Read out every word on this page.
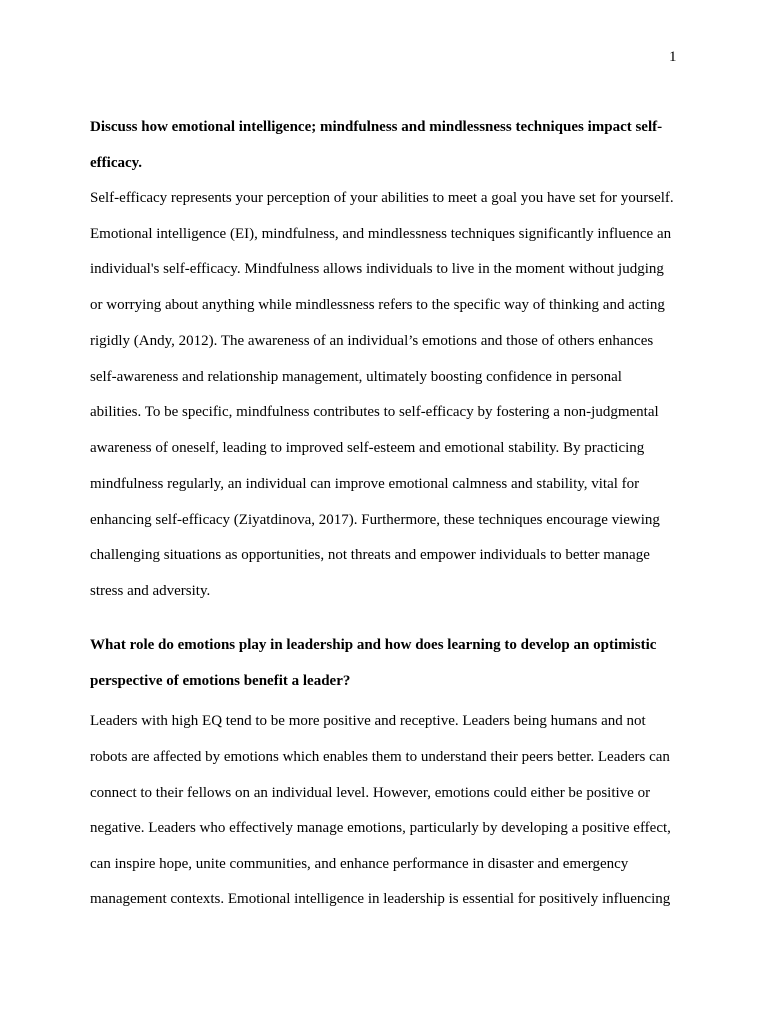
1
Discuss how emotional intelligence; mindfulness and mindlessness techniques impact self-
efficacy.
Self-efficacy represents your perception of your abilities to meet a goal you have set for yourself.
Emotional intelligence (EI), mindfulness, and mindlessness techniques significantly influence an
individual's self-efficacy. Mindfulness allows individuals to live in the moment without judging
or worrying about anything while mindlessness refers to the specific way of thinking and acting
rigidly (Andy, 2012). The awareness of an individual’s emotions and those of others enhances
self-awareness and relationship management, ultimately boosting confidence in personal
abilities. To be specific, mindfulness contributes to self-efficacy by fostering a non-judgmental
awareness of oneself, leading to improved self-esteem and emotional stability. By practicing
mindfulness regularly, an individual can improve emotional calmness and stability, vital for
enhancing self-efficacy (Ziyatdinova, 2017). Furthermore, these techniques encourage viewing
challenging situations as opportunities, not threats and empower individuals to better manage
stress and adversity.
What role do emotions play in leadership and how does learning to develop an optimistic
perspective of emotions benefit a leader?
Leaders with high EQ tend to be more positive and receptive. Leaders being humans and not
robots are affected by emotions which enables them to understand their peers better. Leaders can
connect to their fellows on an individual level. However, emotions could either be positive or
negative. Leaders who effectively manage emotions, particularly by developing a positive effect,
can inspire hope, unite communities, and enhance performance in disaster and emergency
management contexts. Emotional intelligence in leadership is essential for positively influencing
